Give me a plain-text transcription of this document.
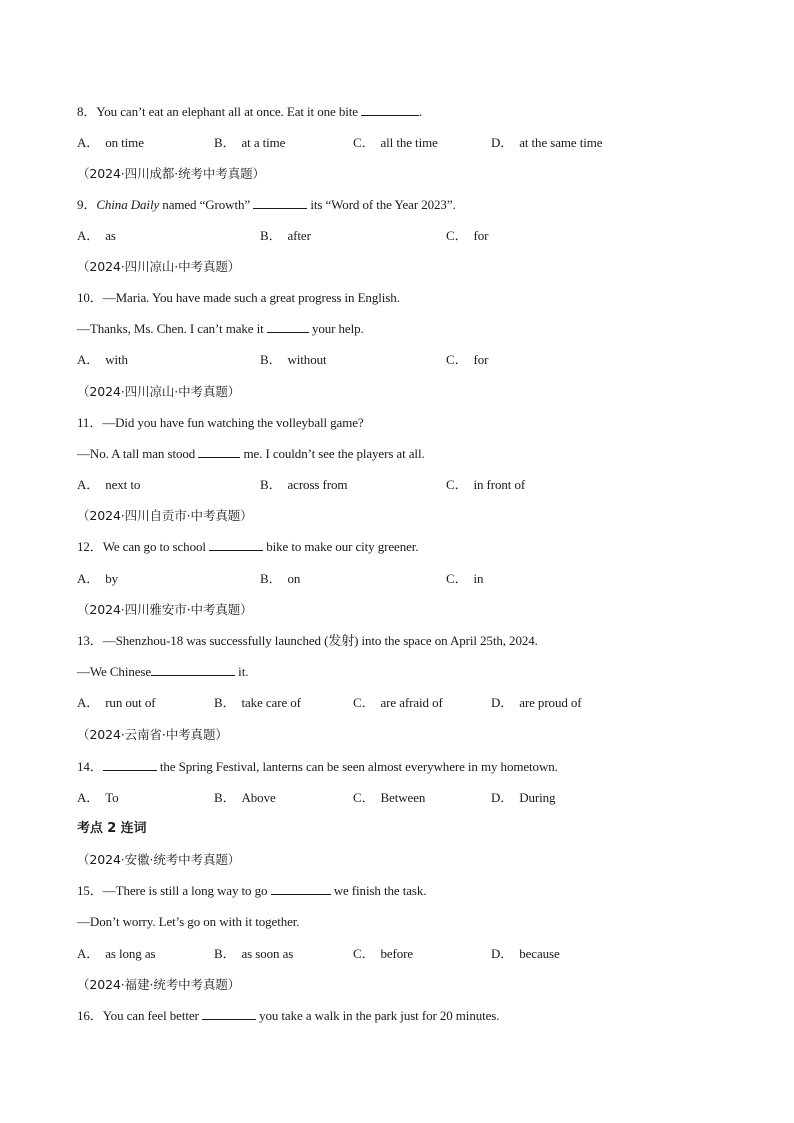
8．You can’t eat an elephant all at once. Eat it one bite	.
A． on time	B． at a time	C． all the time	D． at the same time
（2024·四川成都·统考中考真题）
9．China Daily named “Growth”	its “Word of the Year 2023”.
A． as	B． after	C． for
（2024·四川凉山·中考真题）
10．—Maria. You have made such a great progress in English.
—Thanks, Ms. Chen. I can’t make it	your help.
A． with	B． without	C． for
（2024·四川凉山·中考真题）
11．—Did you have fun watching the volleyball game?
—No. A tall man stood	me. I couldn’t see the players at all.
A． next to	B． across from	C． in front of
（2024·四川自贡市·中考真题）
12．We can go to school	bike to make our city greener.
A． by	B． on	C． in
（2024·四川雅安市·中考真题）
13．—Shenzhou-18 was successfully launched (发射) into the space on April 25th, 2024.
—We Chinese	it.
A． run out of	B． take care of	C． are afraid of	D． are proud of
（2024·云南省·中考真题）
14．	the Spring Festival, lanterns can be seen almost everywhere in my hometown.
A． To	B． Above	C． Between	D． During
考点 2 连词
（2024·安徽·统考中考真题）
15．—There is still a long way to go	we finish the task.
—Don’t worry. Let’s go on with it together.
A． as long as	B． as soon as	C． before	D． because
（2024·福建·统考中考真题）
16．You can feel better	you take a walk in the park just for 20 minutes.
